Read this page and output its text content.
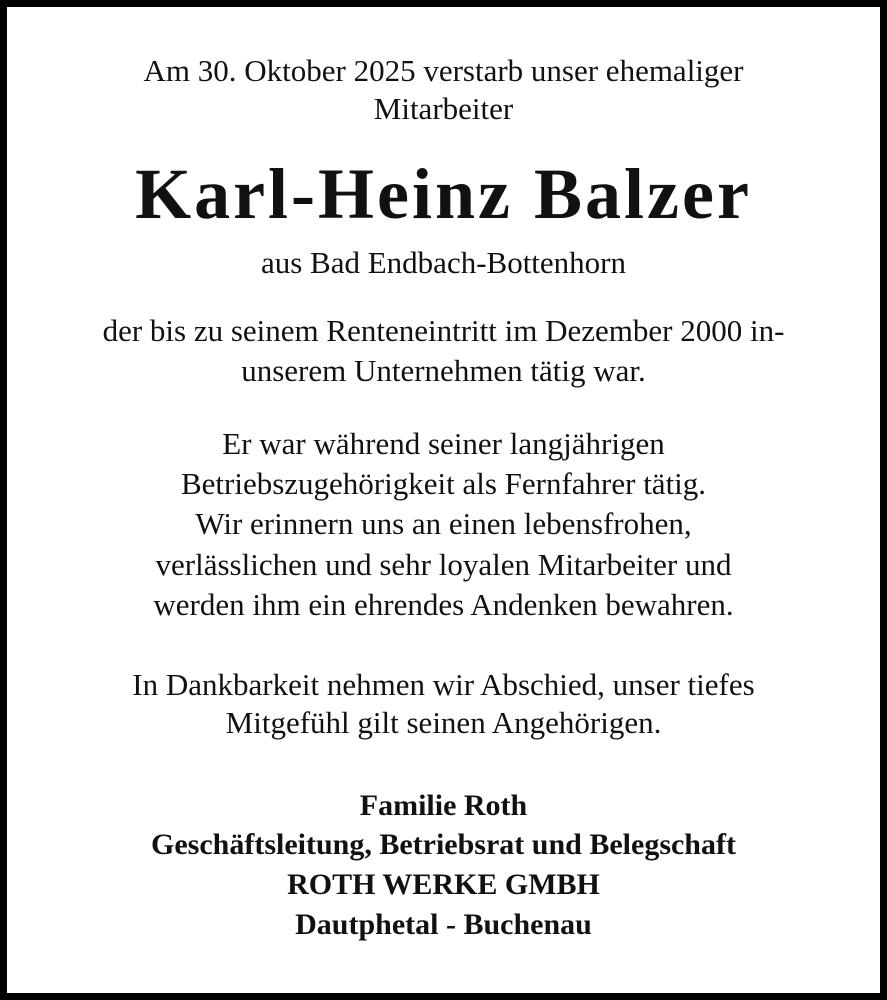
Am 30. Oktober 2025 verstarb unser ehemaliger
Mitarbeiter
Karl-Heinz Balzer
aus Bad Endbach-Bottenhorn
der bis zu seinem Renteneintritt im Dezember 2000 in-
unserem Unternehmen tätig war.
Er war während seiner langjährigen
Betriebszugehörigkeit als Fernfahrer tätig.
Wir erinnern uns an einen lebensfrohen,
verlässlichen und sehr loyalen Mitarbeiter und
werden ihm ein ehrendes Andenken bewahren.
In Dankbarkeit nehmen wir Abschied, unser tiefes
Mitgefühl gilt seinen Angehörigen.
Familie Roth
Geschäftsleitung, Betriebsrat und Belegschaft
ROTH WERKE GMBH
Dautphetal - Buchenau
